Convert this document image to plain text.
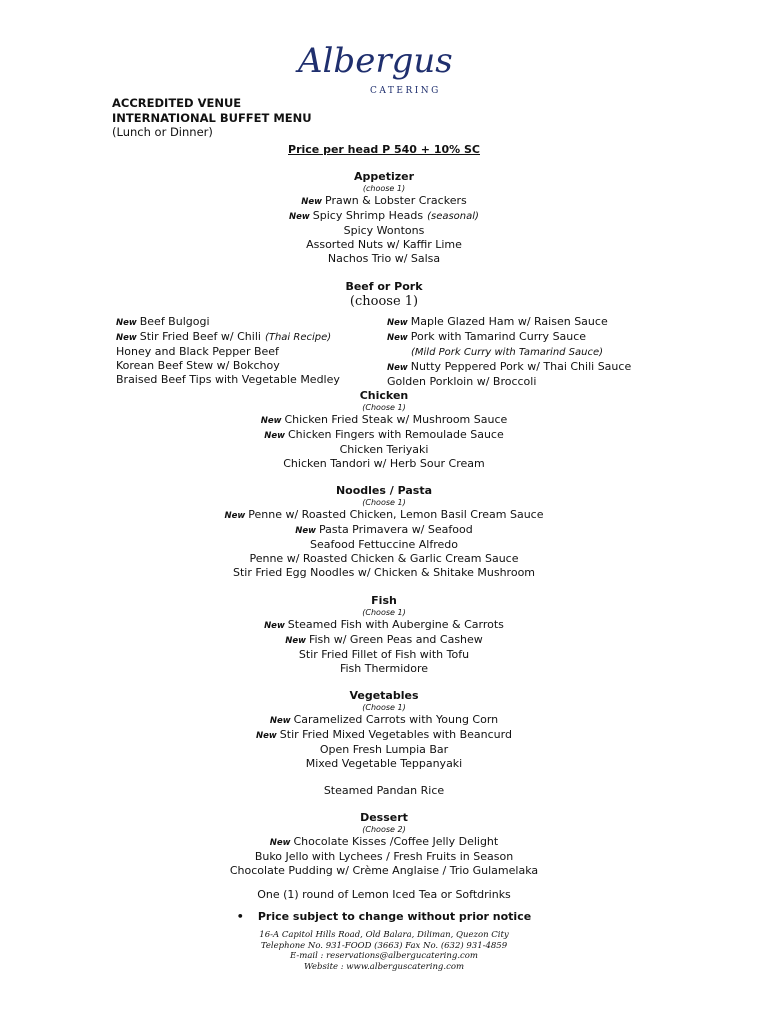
Albergus
CATERING
ACCREDITED VENUE
INTERNATIONAL BUFFET MENU
(Lunch or Dinner)
Price per head P 540 + 10% SC
Appetizer
(choose 1)
New Prawn & Lobster Crackers
New Spicy Shrimp Heads (seasonal)
Spicy Wontons
Assorted Nuts w/ Kaffir Lime
Nachos Trio w/ Salsa
Beef or Pork
(choose 1)
New Beef Bulgogi
New Stir Fried Beef w/ Chili (Thai Recipe)
Honey and Black Pepper Beef
Korean Beef Stew w/ Bokchoy
Braised Beef Tips with Vegetable Medley
New Maple Glazed Ham w/ Raisen Sauce
New Pork with Tamarind Curry Sauce
(Mild Pork Curry with Tamarind Sauce)
New Nutty Peppered Pork w/ Thai Chili Sauce
Golden Porkloin w/ Broccoli
Chicken
(Choose 1)
New Chicken Fried Steak w/ Mushroom Sauce
New Chicken Fingers with Remoulade Sauce
Chicken Teriyaki
Chicken Tandori w/ Herb Sour Cream
Noodles / Pasta
(Choose 1)
New Penne w/ Roasted Chicken, Lemon Basil Cream Sauce
New Pasta Primavera w/ Seafood
Seafood Fettuccine Alfredo
Penne w/ Roasted Chicken & Garlic Cream Sauce
Stir Fried Egg Noodles w/ Chicken & Shitake Mushroom
Fish
(Choose 1)
New Steamed Fish with Aubergine & Carrots
New Fish w/ Green Peas and Cashew
Stir Fried Fillet of Fish with Tofu
Fish Thermidore
Vegetables
(Choose 1)
New Caramelized Carrots with Young Corn
New Stir Fried Mixed Vegetables with Beancurd
Open Fresh Lumpia Bar
Mixed Vegetable Teppanyaki
Steamed Pandan Rice
Dessert
(Choose 2)
New Chocolate Kisses /Coffee Jelly Delight
Buko Jello with Lychees / Fresh Fruits in Season
Chocolate Pudding w/ Crème Anglaise / Trio Gulamelaka
One (1) round of Lemon Iced Tea or Softdrinks
• Price subject to change without prior notice
16-A Capitol Hills Road, Old Balara, Diliman, Quezon City
Telephone No. 931-FOOD (3663) Fax No. (632) 931-4859
E-mail : reservations@albergucatering.com
Website : www.alberguscatering.com
